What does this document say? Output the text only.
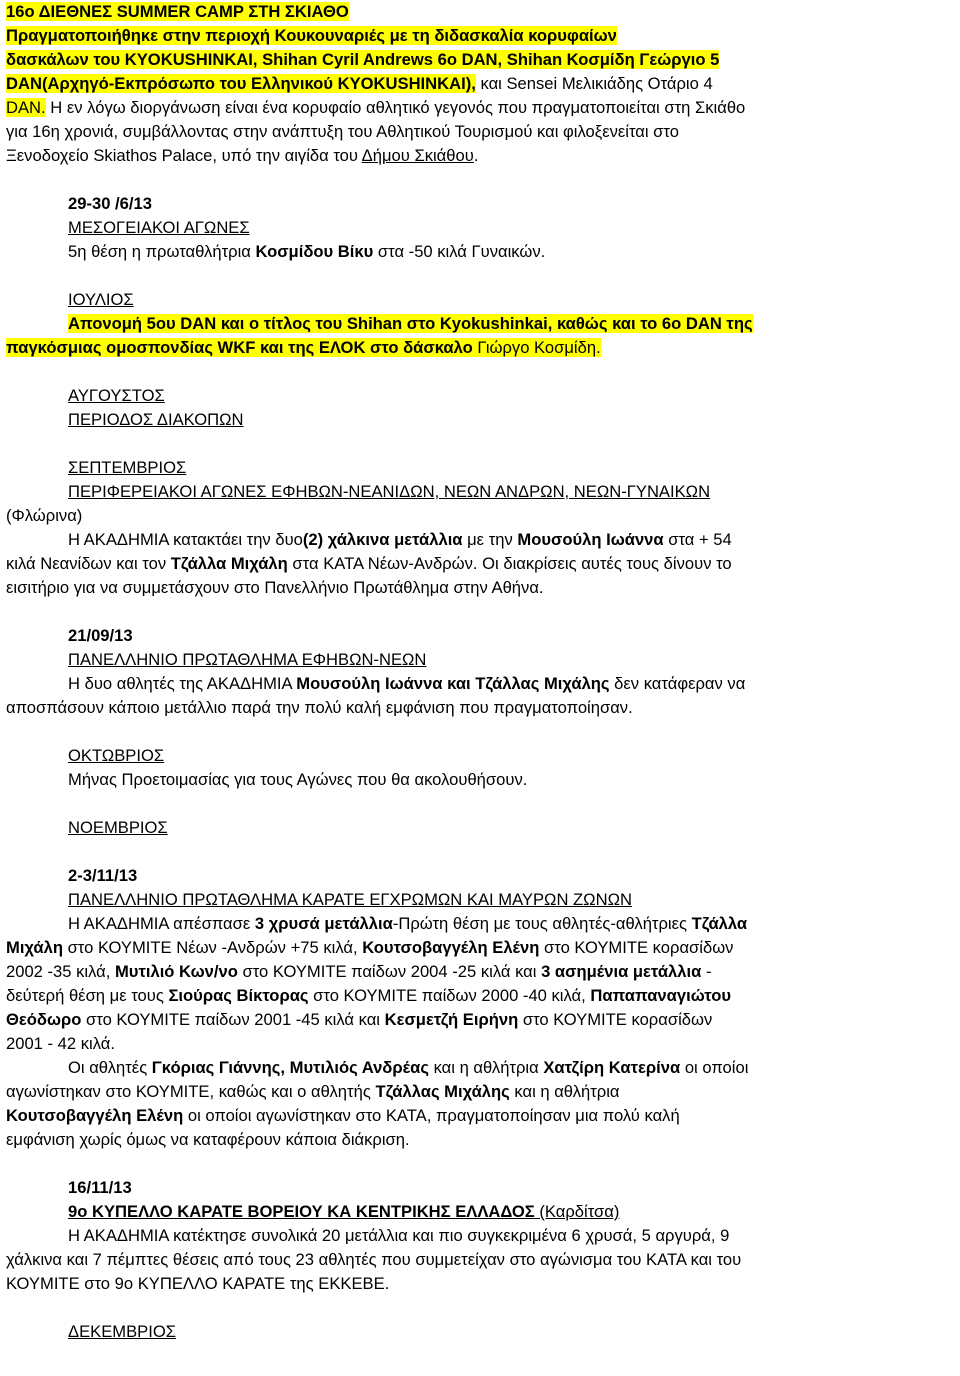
16ο ΔΙΕΘΝΕΣ SUMMER CAMP ΣΤΗ ΣΚΙΑΘΟ
Πραγματοποιήθηκε στην περιοχή Κουκουναριές με τη διδασκαλία κορυφαίων
δασκάλων του KYOKUSHINKAI, Shihan Cyril Andrews 6ο DAN, Shihan Κοσμίδη Γεώργιο 5
DAN(Αρχηγό-Εκπρόσωπο του Ελληνικού KYOKUSHINKAI), και Sensei Μελικιάδης Οτάριο 4
DAN. Η εν λόγω διοργάνωση είναι ένα κορυφαίο αθλητικό γεγονός που πραγματοποιείται στη Σκιάθο
για 16η χρονιά, συμβάλλοντας στην ανάπτυξη του Αθλητικού Τουρισμού και φιλοξενείται στο
Ξενοδοχείο Skiathos Palace, υπό την αιγίδα του Δήμου Σκιάθου.
29-30 /6/13
ΜΕΣΟΓΕΙΑΚΟΙ ΑΓΩΝΕΣ
5η θέση η πρωταθλήτρια Κοσμίδου Βίκυ στα -50 κιλά Γυναικών.
ΙΟΥΛΙΟΣ
Απονομή 5ου DAN και ο τίτλος του Shihan στο Kyokushinkai, καθώς και το 6ο DAN της
παγκόσμιας ομοσπονδίας WKF και της ΕΛΟΚ στο δάσκαλο Γιώργο Κοσμίδη.
ΑΥΓΟΥΣΤΟΣ
ΠΕΡΙΟΔΟΣ ΔΙΑΚΟΠΩΝ
ΣΕΠΤΕΜΒΡΙΟΣ
ΠΕΡΙΦΕΡΕΙΑΚΟΙ ΑΓΩΝΕΣ ΕΦΗΒΩΝ-ΝΕΑΝΙΔΩΝ, ΝΕΩΝ ΑΝΔΡΩΝ, ΝΕΩΝ-ΓΥΝΑΙΚΩΝ
(Φλώρινα)
Η ΑΚΑΔΗΜΙΑ κατακτάει την δυο(2) χάλκινα μετάλλια με την Μουσούλη Ιωάννα στα + 54
κιλά Νεανίδων και τον Τζάλλα Μιχάλη στα ΚΑΤΑ Νέων-Ανδρών. Οι διακρίσεις αυτές τους δίνουν το
εισιτήριο για να συμμετάσχουν στο Πανελλήνιο Πρωτάθλημα στην Αθήνα.
21/09/13
ΠΑΝΕΛΛΗΝΙΟ ΠΡΩΤΑΘΛΗΜΑ ΕΦΗΒΩΝ-ΝΕΩΝ
Η δυο αθλητές της ΑΚΑΔΗΜΙΑ Μουσούλη Ιωάννα και Τζάλλας Μιχάλης δεν κατάφεραν να
αποσπάσουν κάποιο μετάλλιο παρά την πολύ καλή εμφάνιση που πραγματοποίησαν.
ΟΚΤΩΒΡΙΟΣ
Μήνας Προετοιμασίας για τους Αγώνες που θα ακολουθήσουν.
ΝΟΕΜΒΡΙΟΣ
2-3/11/13
ΠΑΝΕΛΛΗΝΙΟ ΠΡΩΤΑΘΛΗΜΑ ΚΑΡΑΤΕ ΕΓΧΡΩΜΩΝ ΚΑΙ ΜΑΥΡΩΝ ΖΩΝΩΝ
Η ΑΚΑΔΗΜΙΑ απέσπασε 3 χρυσά μετάλλια-Πρώτη θέση με τους αθλητές-αθλήτριες Τζάλλα
Μιχάλη στο ΚΟΥΜΙΤΕ Νέων -Ανδρών +75 κιλά, Κουτσοβαγγέλη Ελένη στο ΚΟΥΜΙΤΕ κορασίδων
2002 -35 κιλά, Μυτιλιό Κων/νο στο ΚΟΥΜΙΤΕ παίδων 2004 -25 κιλά και 3 ασημένια μετάλλια -
δεύτερή θέση με τους Σιούρας Βίκτορας στο ΚΟΥΜΙΤΕ παίδων 2000 -40 κιλά, Παπαπαναγιώτου
Θεόδωρο στο ΚΟΥΜΙΤΕ παίδων 2001 -45 κιλά και Κεσμετζή Ειρήνη στο ΚΟΥΜΙΤΕ κορασίδων
2001 - 42 κιλά.
Οι αθλητές Γκόριας Γιάννης, Μυτιλιός Ανδρέας και η αθλήτρια Χατζίρη Κατερίνα οι οποίοι
αγωνίστηκαν στο ΚΟΥΜΙΤΕ, καθώς και ο αθλητής Τζάλλας Μιχάλης και η αθλήτρια
Κουτσοβαγγέλη Ελένη οι οποίοι αγωνίστηκαν στο ΚΑΤΑ, πραγματοποίησαν μια πολύ καλή
εμφάνιση χωρίς όμως να καταφέρουν κάποια διάκριση.
16/11/13
9ο ΚΥΠΕΛΛΟ ΚΑΡΑΤΕ ΒΟΡΕΙΟΥ ΚΑ ΚΕΝΤΡΙΚΗΣ ΕΛΛΑΔΟΣ (Καρδίτσα)
Η ΑΚΑΔΗΜΙΑ κατέκτησε συνολικά 20 μετάλλια και πιο συγκεκριμένα 6 χρυσά, 5 αργυρά, 9
χάλκινα και 7 πέμπτες θέσεις από τους 23 αθλητές που συμμετείχαν στο αγώνισμα του ΚΑΤΑ και του
ΚΟΥΜΙΤΕ στο 9ο ΚΥΠΕΛΛΟ ΚΑΡΑΤΕ της ΕΚΚΕΒΕ.
ΔΕΚΕΜΒΡΙΟΣ
